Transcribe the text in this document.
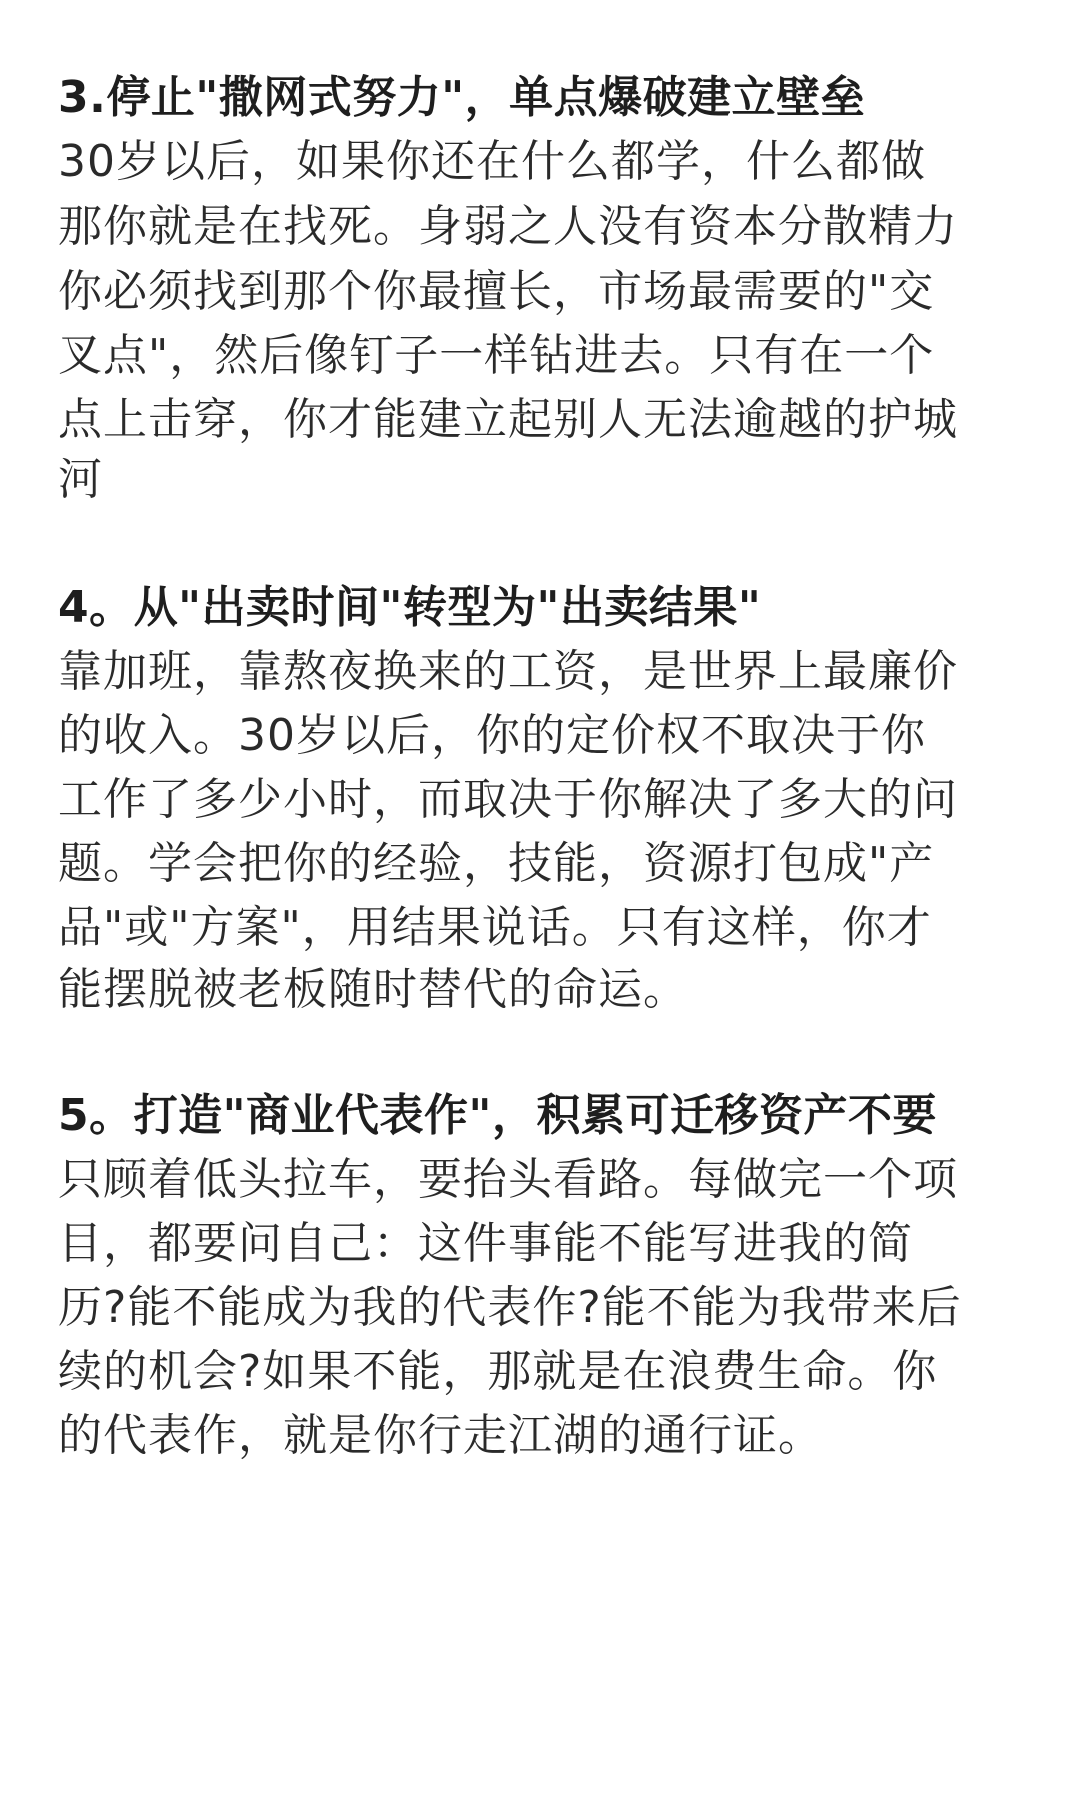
3.停止"撒网式努力"，单点爆破建立壁垒
30岁以后，如果你还在什么都学，什么都做
那你就是在找死。身弱之人没有资本分散精力
你必须找到那个你最擅长，市场最需要的"交
叉点"，然后像钉子一样钻进去。只有在一个
点上击穿，你才能建立起别人无法逾越的护城
河
4。从"出卖时间"转型为"出卖结果"
靠加班，靠熬夜换来的工资，是世界上最廉价
的收入。30岁以后，你的定价权不取决于你
工作了多少小时，而取决于你解决了多大的问
题。学会把你的经验，技能，资源打包成"产
品"或"方案"，用结果说话。只有这样，你才
能摆脱被老板随时替代的命运。
5。打造"商业代表作"，积累可迁移资产不要
只顾着低头拉车，要抬头看路。每做完一个项
目，都要问自己：这件事能不能写进我的简
历?能不能成为我的代表作?能不能为我带来后
续的机会?如果不能，那就是在浪费生命。你
的代表作，就是你行走江湖的通行证。
